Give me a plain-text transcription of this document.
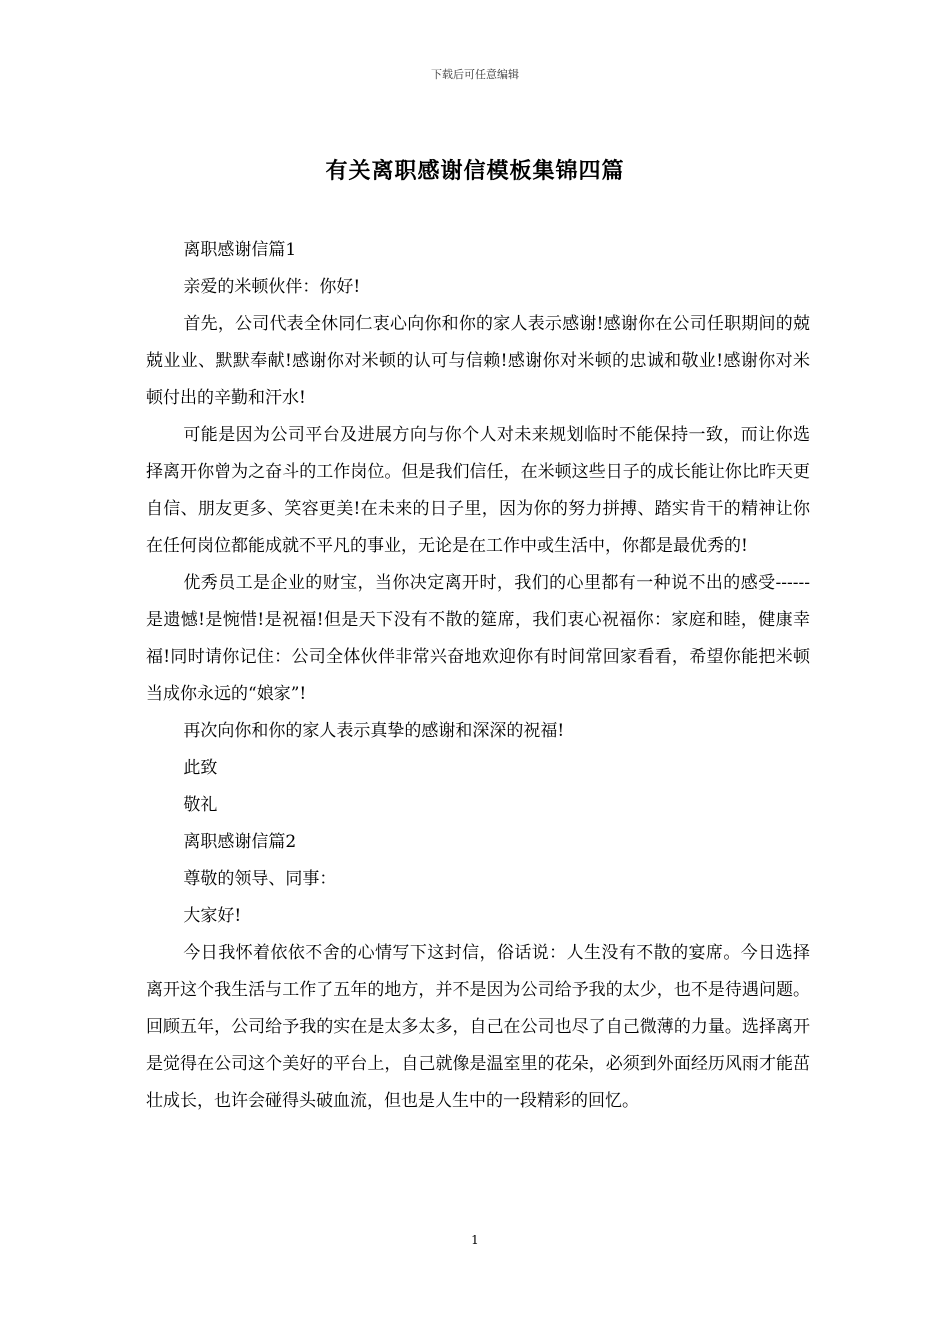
下载后可任意编辑
有关离职感谢信模板集锦四篇

离职感谢信篇1

亲爱的米顿伙伴：你好!

首先，公司代表全休同仁衷心向你和你的家人表示感谢!感谢你在公司任职期间的兢兢业业、默默奉献!感谢你对米顿的认可与信赖!感谢你对米顿的忠诚和敬业!感谢你对米顿付出的辛勤和汗水!

可能是因为公司平台及进展方向与你个人对未来规划临时不能保持一致，而让你选择离开你曾为之奋斗的工作岗位。但是我们信任，在米顿这些日子的成长能让你比昨天更自信、朋友更多、笑容更美!在未来的日子里，因为你的努力拼搏、踏实肯干的精神让你在任何岗位都能成就不平凡的事业，无论是在工作中或生活中，你都是最优秀的!

优秀员工是企业的财宝，当你决定离开时，我们的心里都有一种说不出的感受------是遗憾!是惋惜!是祝福!但是天下没有不散的筵席，我们衷心祝福你：家庭和睦，健康幸福!同时请你记住：公司全体伙伴非常兴奋地欢迎你有时间常回家看看，希望你能把米顿当成你永远的“娘家”!

再次向你和你的家人表示真挚的感谢和深深的祝福!

此致

敬礼

离职感谢信篇2

尊敬的领导、同事：

大家好!

今日我怀着依依不舍的心情写下这封信，俗话说：人生没有不散的宴席。今日选择离开这个我生活与工作了五年的地方，并不是因为公司给予我的太少，也不是待遇问题。回顾五年，公司给予我的实在是太多太多，自己在公司也尽了自己微薄的力量。选择离开是觉得在公司这个美好的平台上，自己就像是温室里的花朵，必须到外面经历风雨才能茁壮成长，也许会碰得头破血流，但也是人生中的一段精彩的回忆。

1
